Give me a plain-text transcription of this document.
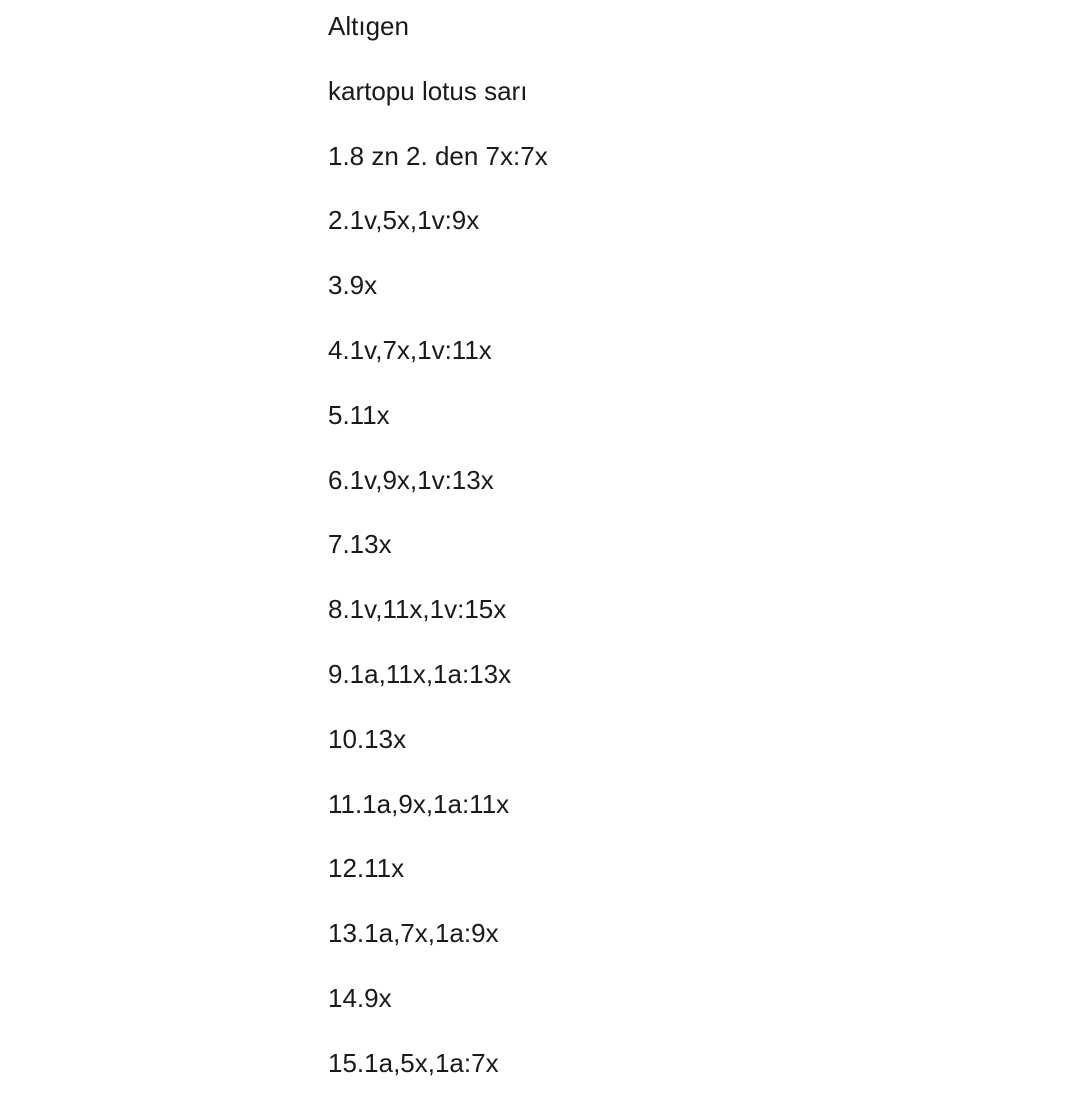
Altıgen
kartopu lotus sarı
1.8 zn 2. den 7x:7x
2.1v,5x,1v:9x
3.9x
4.1v,7x,1v:11x
5.11x
6.1v,9x,1v:13x
7.13x
8.1v,11x,1v:15x
9.1a,11x,1a:13x
10.13x
11.1a,9x,1a:11x
12.11x
13.1a,7x,1a:9x
14.9x
15.1a,5x,1a:7x
